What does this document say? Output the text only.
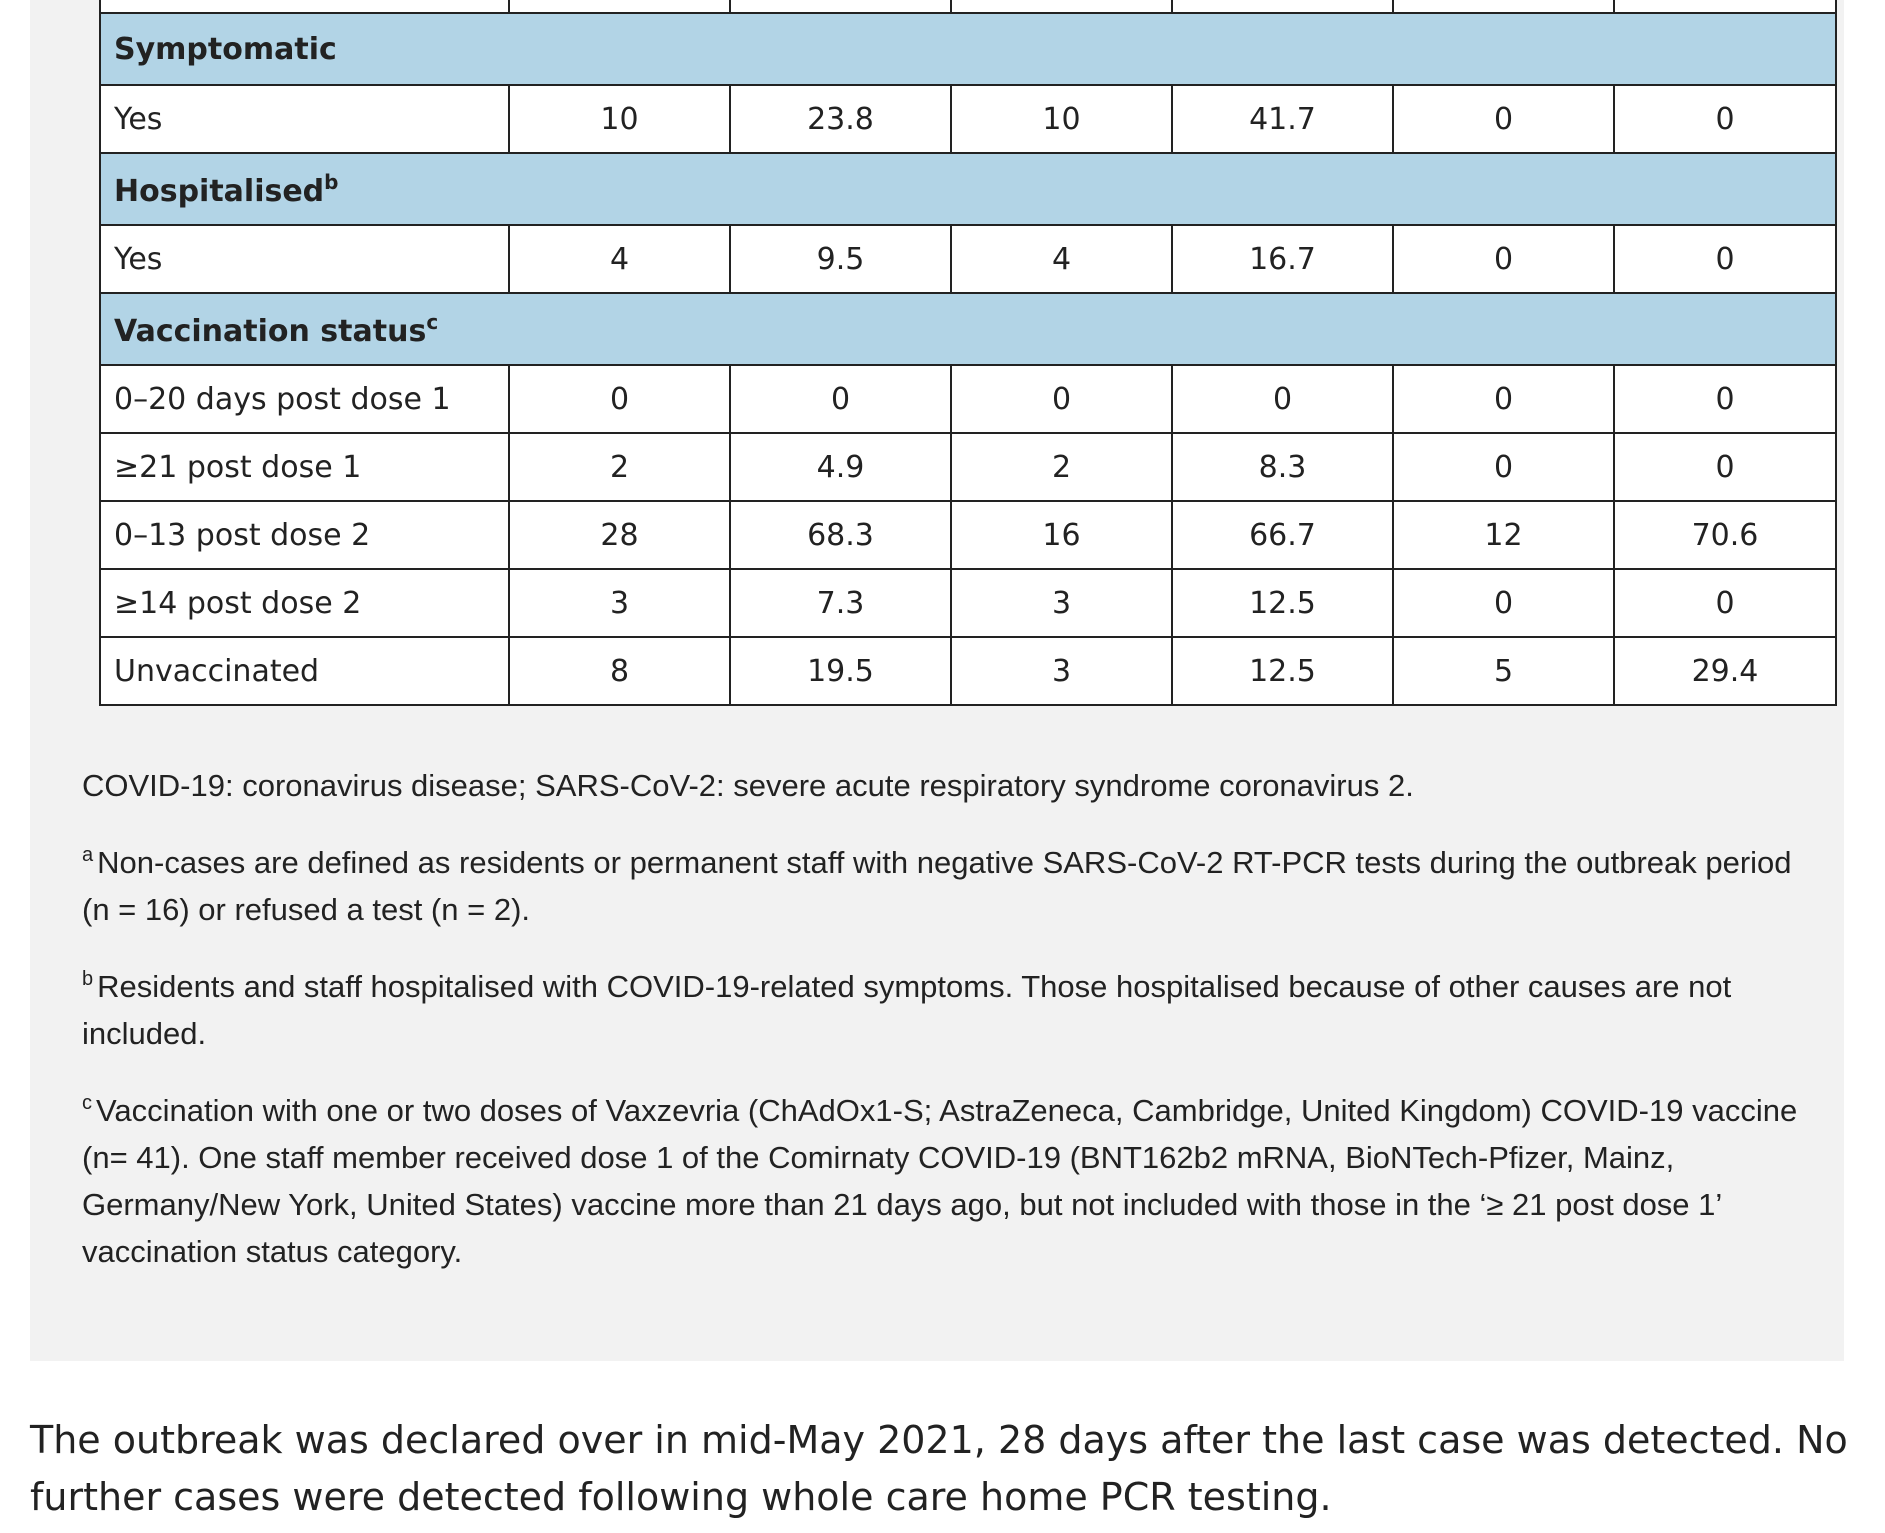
Symptomatic						
Yes	10	23.8	10	41.7	0	0
Hospitalised$^b$
Yes	4	9.5	4	16.7	0	0
Vaccination status$^c$
0–20 days post dose 1	0	0	0	0	0	0
≥21 post dose 1	2	4.9	2	8.3	0	0
0–13 post dose 2	28	68.3	16	66.7	12	70.6
≥14 post dose 2	3	7.3	3	12.5	0	0
Unvaccinated	8	19.5	3	12.5	5	29.4

COVID-19: coronavirus disease; SARS-CoV-2: severe acute respiratory syndrome coronavirus 2.

$^a$ Non-cases are defined as residents or permanent staff with negative SARS-CoV-2 RT-PCR tests during the outbreak period (n = 16) or refused a test (n = 2).

$^b$ Residents and staff hospitalised with COVID-19-related symptoms. Those hospitalised because of other causes are not included.

$^c$ Vaccination with one or two doses of Vaxzevria (ChAdOx1-S; AstraZeneca, Cambridge, United Kingdom) COVID-19 vaccine (n= 41). One staff member received dose 1 of the Comirnaty COVID-19 (BNT162b2 mRNA, BioNTech-Pfizer, Mainz, Germany/New York, United States) vaccine more than 21 days ago, but not included with those in the ‘≥ 21 post dose 1’ vaccination status category.

The outbreak was declared over in mid-May 2021, 28 days after the last case was detected. No further cases were detected following whole care home PCR testing.
